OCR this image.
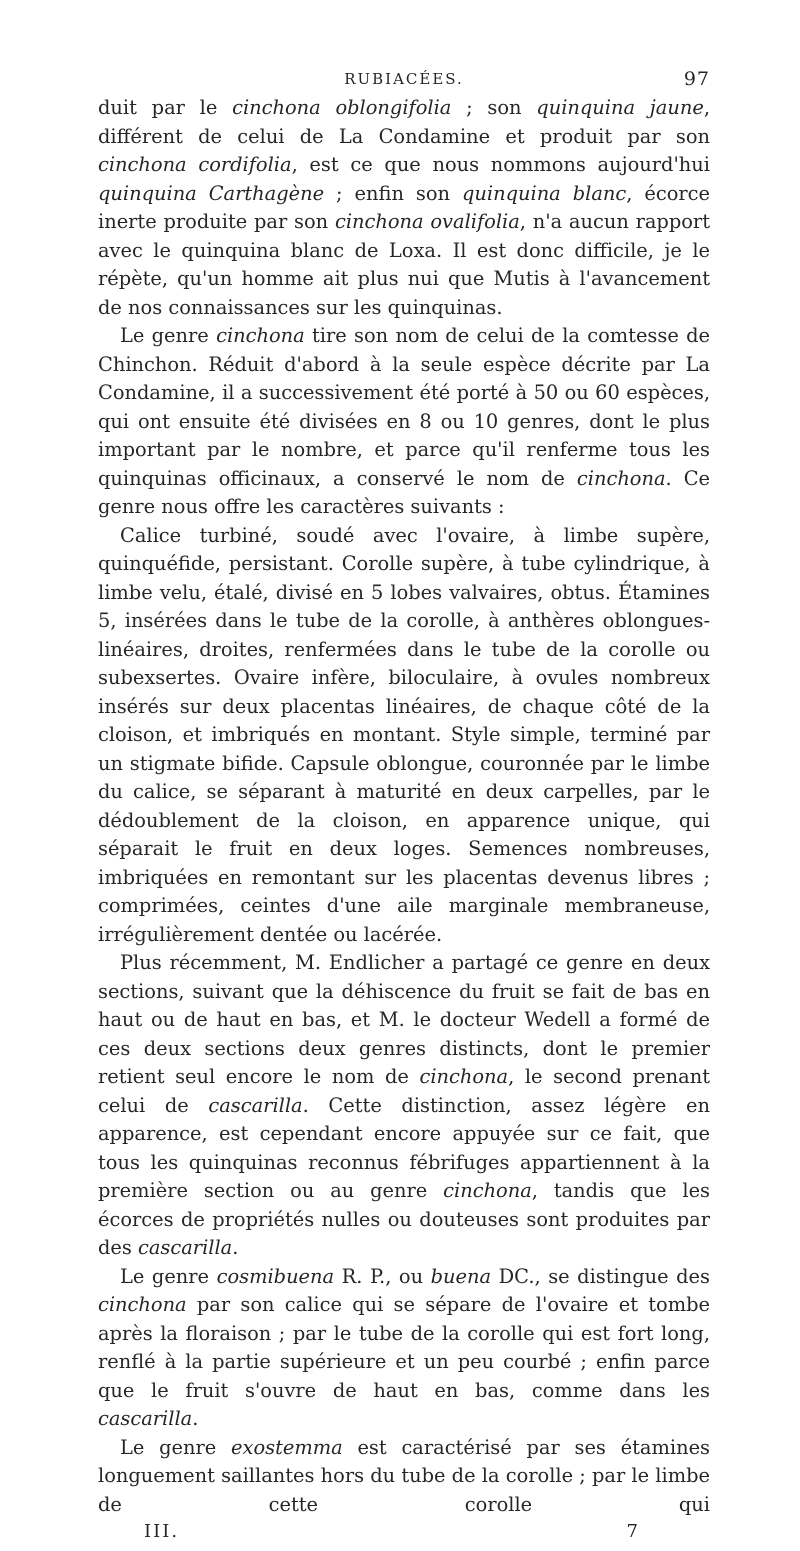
RUBIACÉES.	97

duit par le cinchona oblongifolia ; son quinquina jaune, différent de celui de La Condamine et produit par son cinchona cordifolia, est ce que nous nommons aujourd'hui quinquina Carthagène ; enfin son quinquina blanc, écorce inerte produite par son cinchona ovalifolia, n'a aucun rapport avec le quinquina blanc de Loxa. Il est donc difficile, je le répète, qu'un homme ait plus nui que Mutis à l'avancement de nos connaissances sur les quinquinas.

Le genre cinchona tire son nom de celui de la comtesse de Chinchon. Réduit d'abord à la seule espèce décrite par La Condamine, il a successivement été porté à 50 ou 60 espèces, qui ont ensuite été divisées en 8 ou 10 genres, dont le plus important par le nombre, et parce qu'il renferme tous les quinquinas officinaux, a conservé le nom de cinchona. Ce genre nous offre les caractères suivants :

Calice turbiné, soudé avec l'ovaire, à limbe supère, quinquéfide, persistant. Corolle supère, à tube cylindrique, à limbe velu, étalé, divisé en 5 lobes valvaires, obtus. Étamines 5, insérées dans le tube de la corolle, à anthères oblongues-linéaires, droites, renfermées dans le tube de la corolle ou subexsertes. Ovaire infère, biloculaire, à ovules nombreux insérés sur deux placentas linéaires, de chaque côté de la cloison, et imbriqués en montant. Style simple, terminé par un stigmate bifide. Capsule oblongue, couronnée par le limbe du calice, se séparant à maturité en deux carpelles, par le dédoublement de la cloison, en apparence unique, qui séparait le fruit en deux loges. Semences nombreuses, imbriquées en remontant sur les placentas devenus libres ; comprimées, ceintes d'une aile marginale membraneuse, irrégulièrement dentée ou lacérée.

Plus récemment, M. Endlicher a partagé ce genre en deux sections, suivant que la déhiscence du fruit se fait de bas en haut ou de haut en bas, et M. le docteur Wedell a formé de ces deux sections deux genres distincts, dont le premier retient seul encore le nom de cinchona, le second prenant celui de cascarilla. Cette distinction, assez légère en apparence, est cependant encore appuyée sur ce fait, que tous les quinquinas reconnus fébrifuges appartiennent à la première section ou au genre cinchona, tandis que les écorces de propriétés nulles ou douteuses sont produites par des cascarilla.

Le genre cosmibuena R. P., ou buena DC., se distingue des cinchona par son calice qui se sépare de l'ovaire et tombe après la floraison ; par le tube de la corolle qui est fort long, renflé à la partie supérieure et un peu courbé ; enfin parce que le fruit s'ouvre de haut en bas, comme dans les cascarilla.

Le genre exostemma est caractérisé par ses étamines longuement saillantes hors du tube de la corolle ; par le limbe de cette corolle qui

III.	7
